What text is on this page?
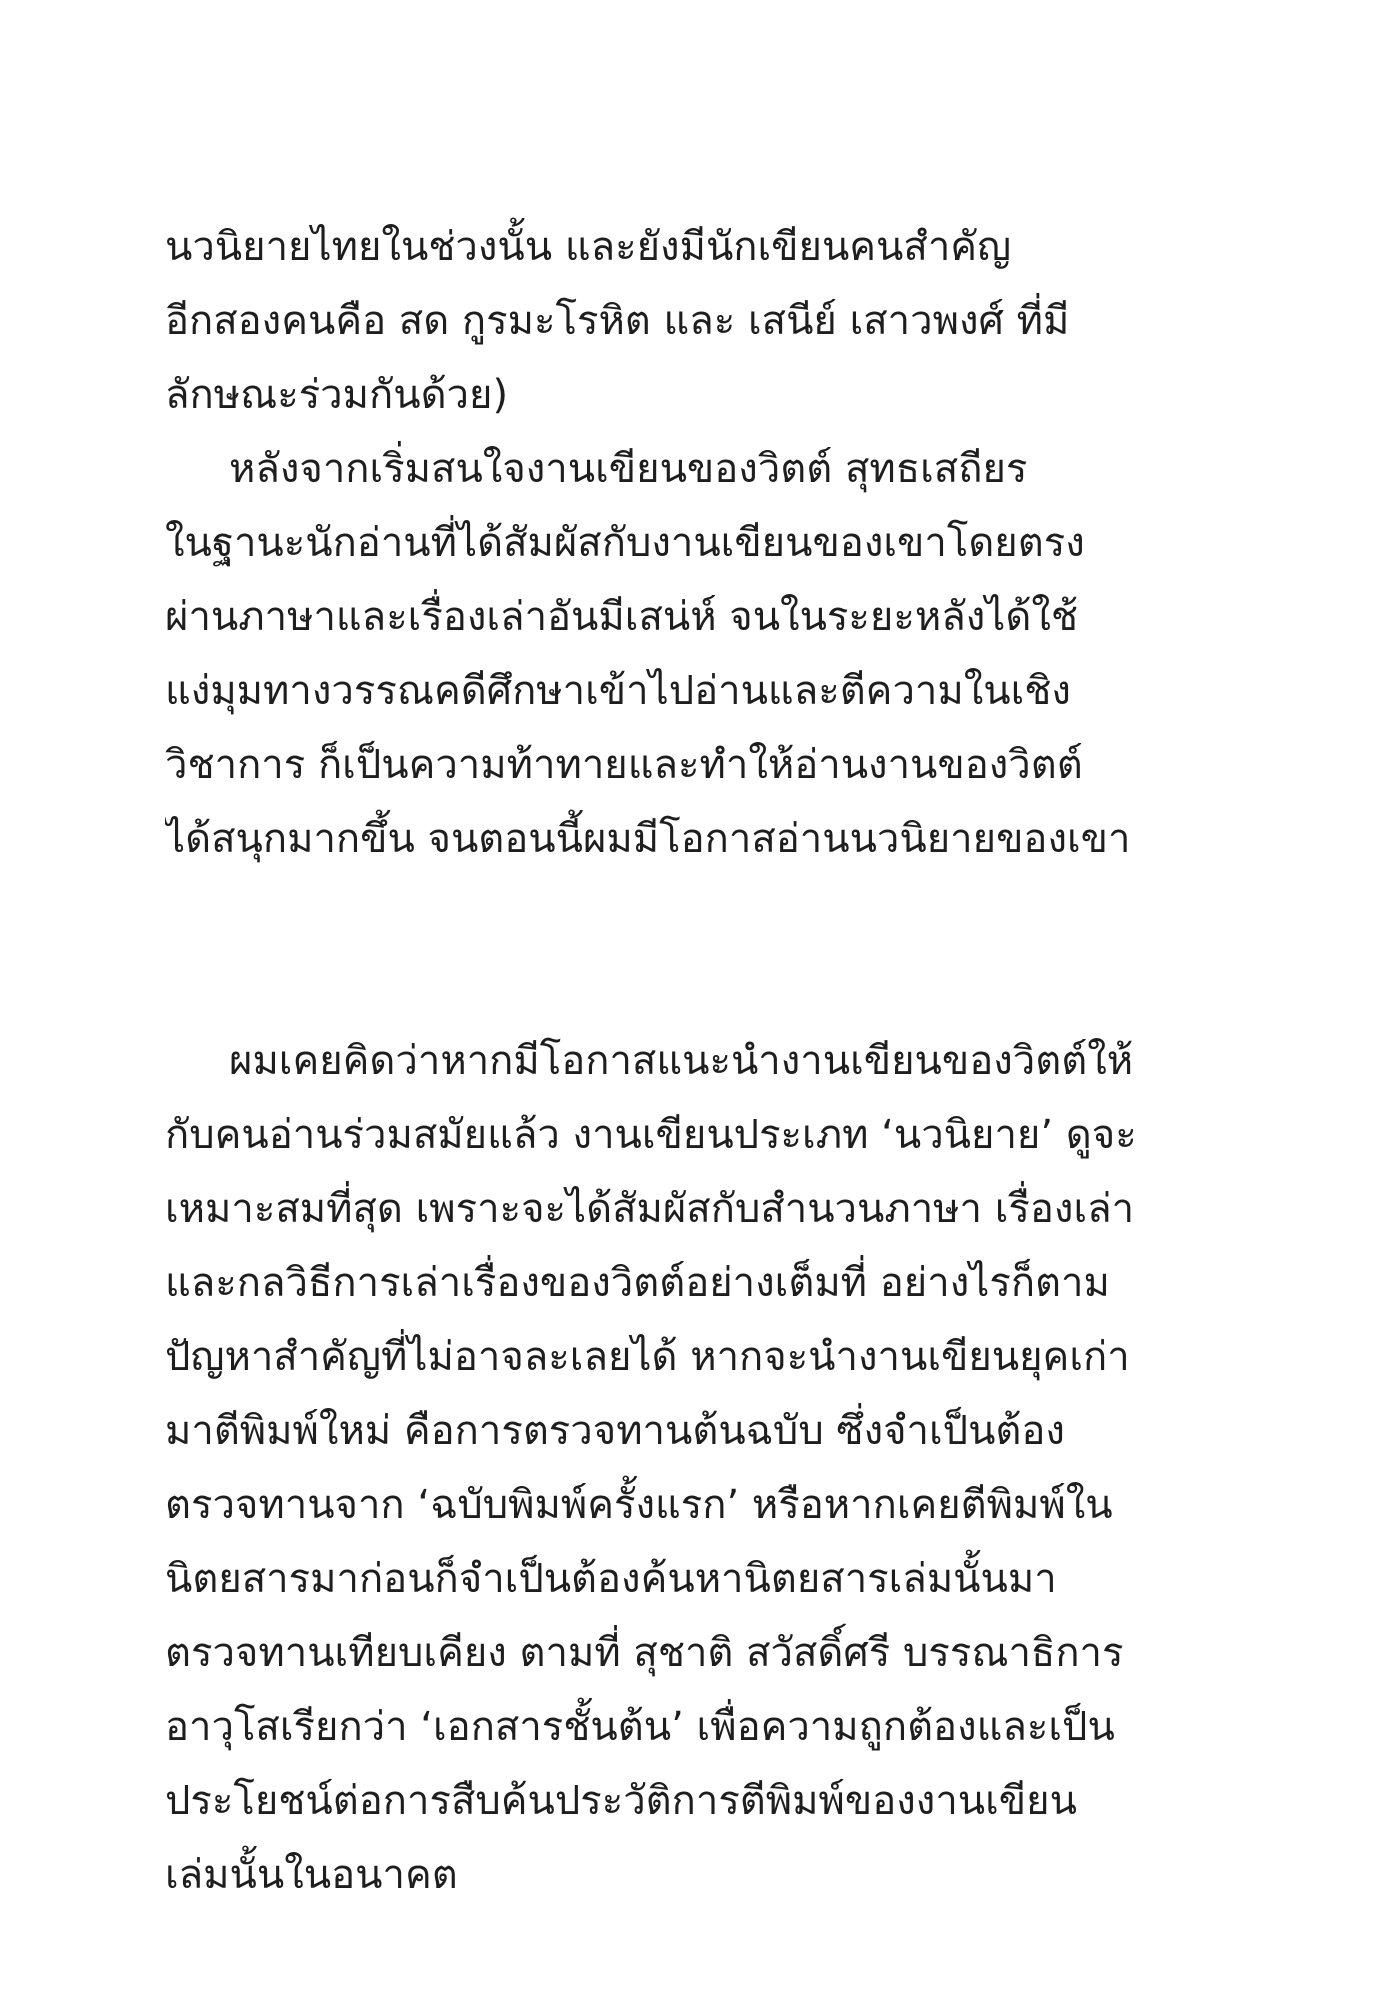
นวนิยายไทยในช่วงนั้น และยังมีนักเขียนคนสำคัญ
อีกสองคนคือ สด กูรมะโรหิต และ เสนีย์ เสาวพงศ์ ที่มี
ลักษณะร่วมกันด้วย)
หลังจากเริ่มสนใจงานเขียนของวิตต์ สุทธเสถียร
ในฐานะนักอ่านที่ได้สัมผัสกับงานเขียนของเขาโดยตรง
ผ่านภาษาและเรื่องเล่าอันมีเสน่ห์ จนในระยะหลังได้ใช้
แง่มุมทางวรรณคดีศึกษาเข้าไปอ่านและตีความในเชิง
วิชาการ ก็เป็นความท้าทายและทำให้อ่านงานของวิตต์
ได้สนุกมากขึ้น จนตอนนี้ผมมีโอกาสอ่านนวนิยายของเขา

ผมเคยคิดว่าหากมีโอกาสแนะนำงานเขียนของวิตต์ให้
กับคนอ่านร่วมสมัยแล้ว งานเขียนประเภท ‘นวนิยาย’ ดูจะ
เหมาะสมที่สุด เพราะจะได้สัมผัสกับสำนวนภาษา เรื่องเล่า
และกลวิธีการเล่าเรื่องของวิตต์อย่างเต็มที่ อย่างไรก็ตาม
ปัญหาสำคัญที่ไม่อาจละเลยได้ หากจะนำงานเขียนยุคเก่า
มาตีพิมพ์ใหม่ คือการตรวจทานต้นฉบับ ซึ่งจำเป็นต้อง
ตรวจทานจาก ‘ฉบับพิมพ์ครั้งแรก’ หรือหากเคยตีพิมพ์ใน
นิตยสารมาก่อนก็จำเป็นต้องค้นหานิตยสารเล่มนั้นมา
ตรวจทานเทียบเคียง ตามที่ สุชาติ สวัสดิ์ศรี บรรณาธิการ
อาวุโสเรียกว่า ‘เอกสารชั้นต้น’ เพื่อความถูกต้องและเป็น
ประโยชน์ต่อการสืบค้นประวัติการตีพิมพ์ของงานเขียน
เล่มนั้นในอนาคต
